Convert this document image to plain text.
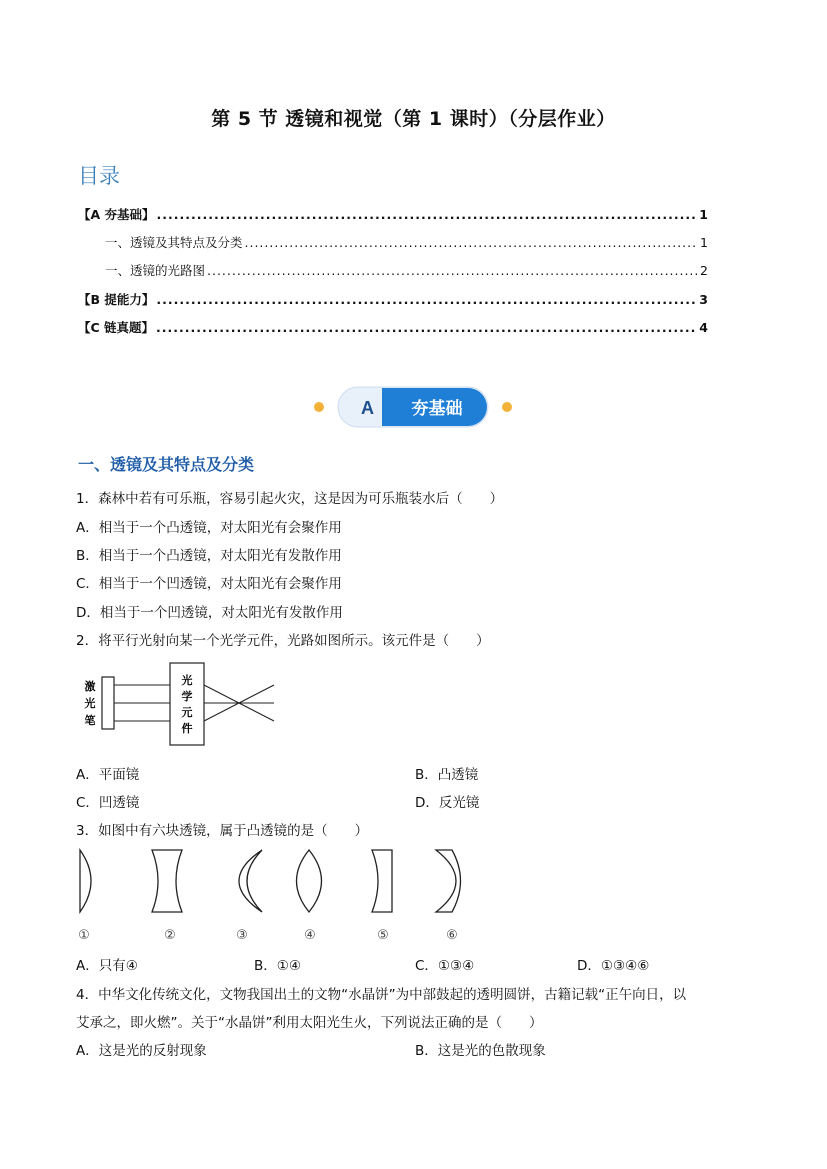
第 5 节 透镜和视觉（第 1 课时）（分层作业）
目录
【A 夯基础】 .....	1
一、透镜及其特点及分类 .....	1
一、透镜的光路图 .....	2
【B 提能力】 .....	3
【C 链真题】 .....	4
A 夯基础
一、透镜及其特点及分类
1．森林中若有可乐瓶，容易引起火灾，这是因为可乐瓶装水后（　　）
A．相当于一个凸透镜，对太阳光有会聚作用
B．相当于一个凸透镜，对太阳光有发散作用
C．相当于一个凹透镜，对太阳光有会聚作用
D．相当于一个凹透镜，对太阳光有发散作用
2．将平行光射向某一个光学元件，光路如图所示。该元件是（　　）
激
光
笔
光
学
元
件
A．平面镜	B．凸透镜
C．凹透镜	D．反光镜
3．如图中有六块透镜，属于凸透镜的是（　　）
①	②	③	④	⑤	⑥
A．只有④	B．①④	C．①③④	D．①③④⑥
4．中华文化传统文化，文物我国出土的文物“水晶饼”为中部鼓起的透明圆饼，古籍记载“正午向日，以
艾承之，即火燃”。关于“水晶饼”利用太阳光生火，下列说法正确的是（　　）
A．这是光的反射现象	B．这是光的色散现象
